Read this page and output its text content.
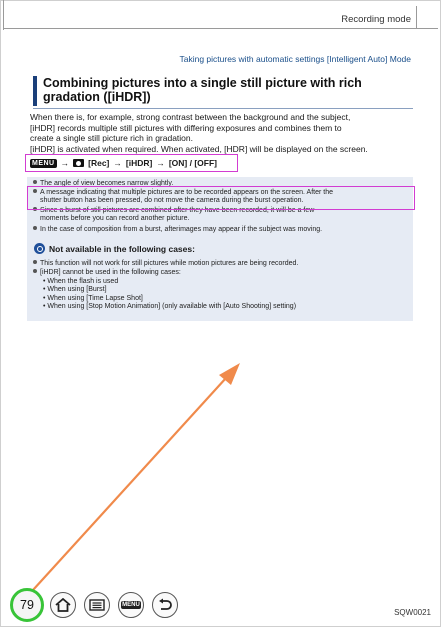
Recording mode
Taking pictures with automatic settings [Intelligent Auto] Mode
Combining pictures into a single still picture with rich
gradation ([iHDR])
When there is, for example, strong contrast between the background and the subject,
[iHDR] records multiple still pictures with differing exposures and combines them to
create a single still picture rich in gradation.
[iHDR] is activated when required. When activated, [HDR] will be displayed on the screen.
MENU → [Rec] → [iHDR] → [ON] / [OFF]
The angle of view becomes narrow slightly.
A message indicating that multiple pictures are to be recorded appears on the screen. After the
shutter button has been pressed, do not move the camera during the burst operation.
Since a burst of still pictures are combined after they have been recorded, it will be a few
moments before you can record another picture.
In the case of composition from a burst, afterimages may appear if the subject was moving.
Not available in the following cases:
This function will not work for still pictures while motion pictures are being recorded.
[iHDR] cannot be used in the following cases:
• When the flash is used
• When using [Burst]
• When using [Time Lapse Shot]
• When using [Stop Motion Animation] (only available with [Auto Shooting] setting)
79	MENU
SQW0021
